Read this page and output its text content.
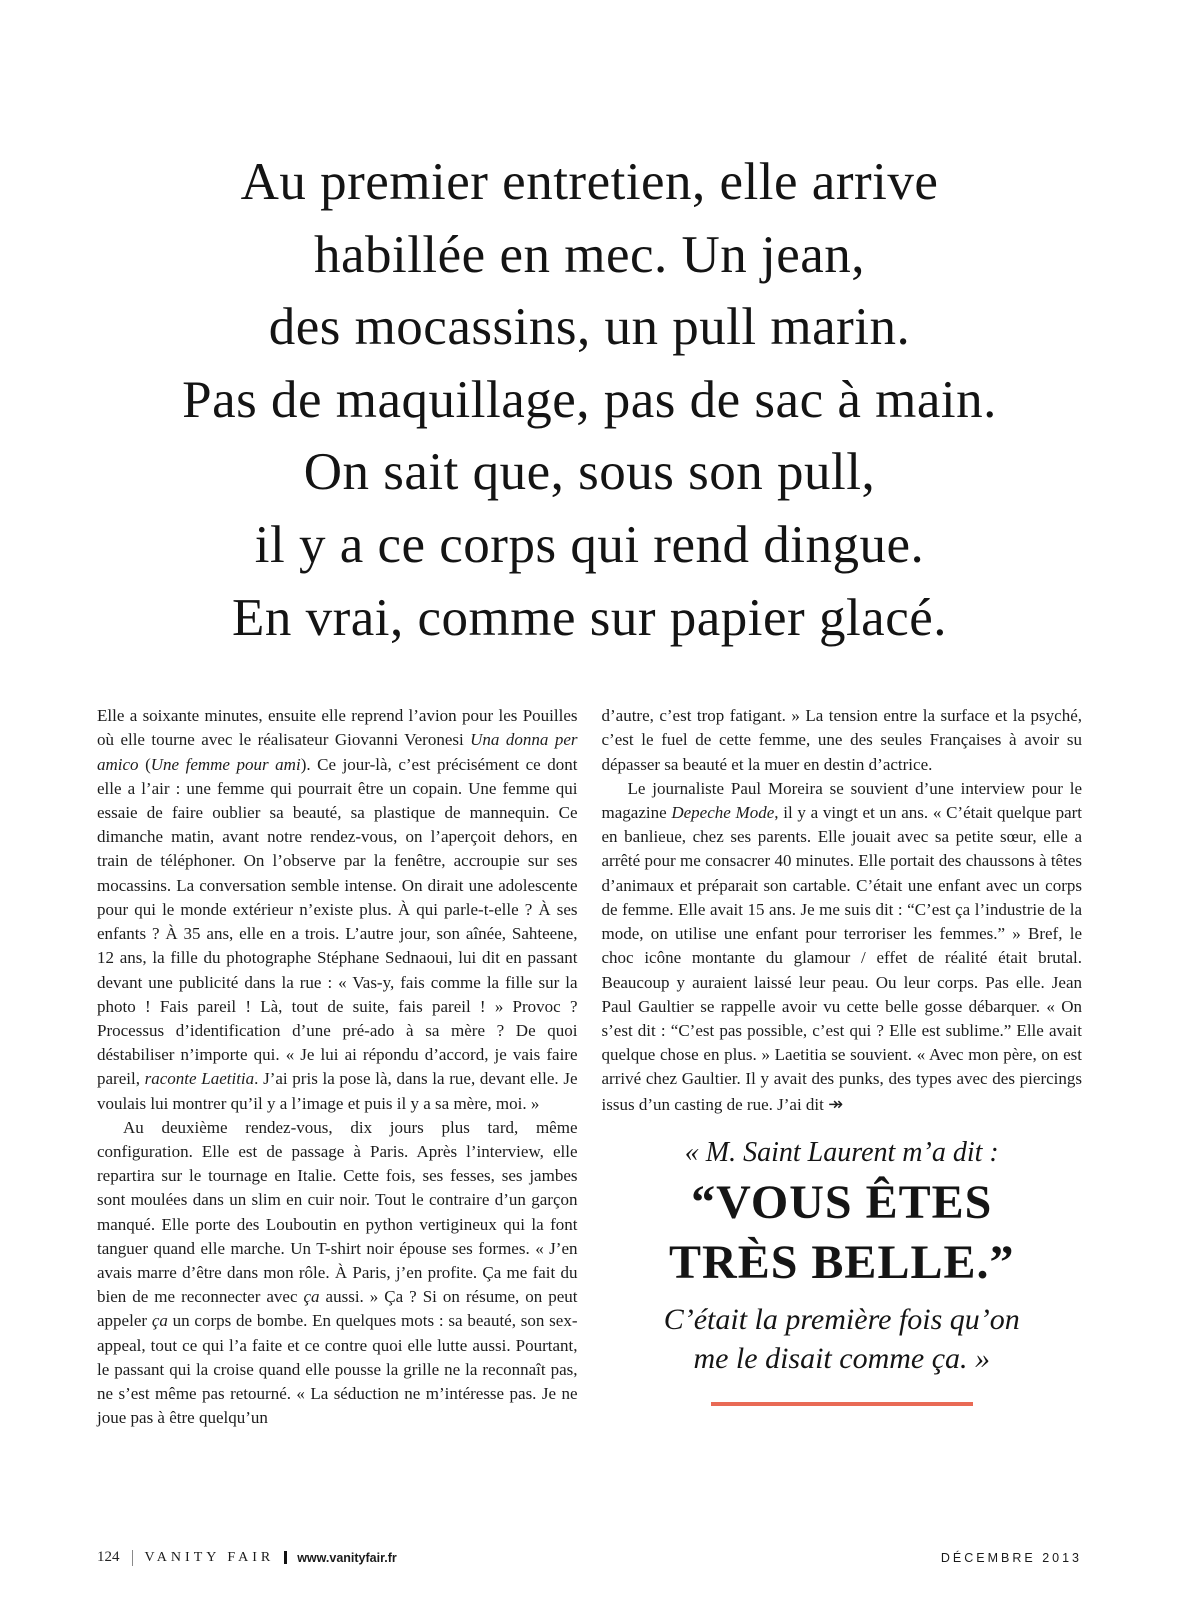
Au premier entretien, elle arrive
habillée en mec. Un jean,
des mocassins, un pull marin.
Pas de maquillage, pas de sac à main.
On sait que, sous son pull,
il y a ce corps qui rend dingue.
En vrai, comme sur papier glacé.

Elle a soixante minutes, ensuite elle reprend l’avion pour les Pouilles où elle tourne avec le réalisateur Giovanni Veronesi Una donna per amico (Une femme pour ami). Ce jour-là, c’est précisément ce dont elle a l’air : une femme qui pourrait être un copain. Une femme qui essaie de faire oublier sa beauté, sa plastique de mannequin. Ce dimanche matin, avant notre rendez-vous, on l’aperçoit dehors, en train de téléphoner. On l’observe par la fenêtre, accroupie sur ses mocassins. La conversation semble intense. On dirait une adolescente pour qui le monde extérieur n’existe plus. À qui parle-t-elle ? À ses enfants ? À 35 ans, elle en a trois. L’autre jour, son aînée, Sahteene, 12 ans, la fille du photographe Stéphane Sednaoui, lui dit en passant devant une publicité dans la rue : « Vas-y, fais comme la fille sur la photo ! Fais pareil ! Là, tout de suite, fais pareil ! » Provoc ? Processus d’identification d’une pré-ado à sa mère ? De quoi déstabiliser n’importe qui. « Je lui ai répondu d’accord, je vais faire pareil, raconte Laetitia. J’ai pris la pose là, dans la rue, devant elle. Je voulais lui montrer qu’il y a l’image et puis il y a sa mère, moi. »

Au deuxième rendez-vous, dix jours plus tard, même configuration. Elle est de passage à Paris. Après l’interview, elle repartira sur le tournage en Italie. Cette fois, ses fesses, ses jambes sont moulées dans un slim en cuir noir. Tout le contraire d’un garçon manqué. Elle porte des Louboutin en python vertigineux qui la font tanguer quand elle marche. Un T-shirt noir épouse ses formes. « J’en avais marre d’être dans mon rôle. À Paris, j’en profite. Ça me fait du bien de me reconnecter avec ça aussi. » Ça ? Si on résume, on peut appeler ça un corps de bombe. En quelques mots : sa beauté, son sex-appeal, tout ce qui l’a faite et ce contre quoi elle lutte aussi. Pourtant, le passant qui la croise quand elle pousse la grille ne la reconnaît pas, ne s’est même pas retourné. « La séduction ne m’intéresse pas. Je ne joue pas à être quelqu’un

d’autre, c’est trop fatigant. » La tension entre la surface et la psyché, c’est le fuel de cette femme, une des seules Françaises à avoir su dépasser sa beauté et la muer en destin d’actrice.

Le journaliste Paul Moreira se souvient d’une interview pour le magazine Depeche Mode, il y a vingt et un ans. « C’était quelque part en banlieue, chez ses parents. Elle jouait avec sa petite sœur, elle a arrêté pour me consacrer 40 minutes. Elle portait des chaussons à têtes d’animaux et préparait son cartable. C’était une enfant avec un corps de femme. Elle avait 15 ans. Je me suis dit : “C’est ça l’industrie de la mode, on utilise une enfant pour terroriser les femmes.” » Bref, le choc icône montante du glamour / effet de réalité était brutal. Beaucoup y auraient laissé leur peau. Ou leur corps. Pas elle. Jean Paul Gaultier se rappelle avoir vu cette belle gosse débarquer. « On s’est dit : “C’est pas possible, c’est qui ? Elle est sublime.” Elle avait quelque chose en plus. » Laetitia se souvient. « Avec mon père, on est arrivé chez Gaultier. Il y avait des punks, des types avec des piercings issus d’un casting de rue. J’ai dit ↠

« M. Saint Laurent m’a dit :
“VOUS ÊTES
TRÈS BELLE.”
C’était la première fois qu’on
me le disait comme ça. »
124 VANITY FAIR www.vanityfair.fr	DÉCEMBRE 2013
